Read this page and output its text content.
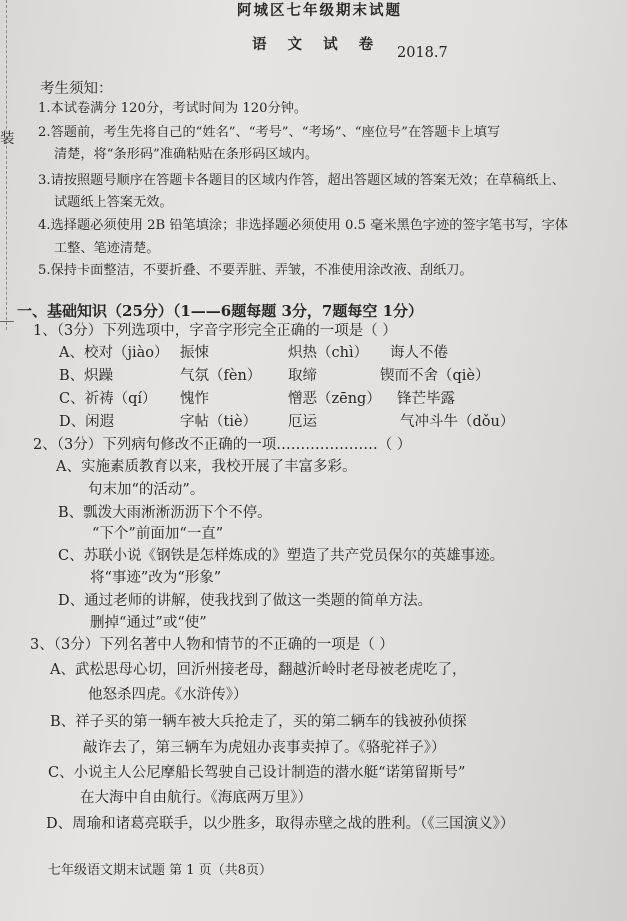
装
阿城区七年级期末试题
语 文 试 卷 2018.7
考生须知：
1.本试卷满分 120分，考试时间为 120分钟。
2.答题前，考生先将自己的“姓名”、“考号”、“考场”、“座位号”在答题卡上填写
清楚，将“条形码”准确粘贴在条形码区域内。
3.请按照题号顺序在答题卡各题目的区域内作答，超出答题区域的答案无效；在草稿纸上、
试题纸上答案无效。
4.选择题必须使用 2B 铅笔填涂；非选择题必须使用 0.5 毫米黑色字迹的签字笔书写，字体
工整、笔迹清楚。
5.保持卡面整洁，不要折叠、不要弄脏、弄皱，不准使用涂改液、刮纸刀。
一、基础知识（25分）（1——6题每题 3分，7题每空 1分）
1、（3分）下列选项中，字音字形完全正确的一项是（ ）
A、校对（jiào） 振悚	炽热（chì） 诲人不倦
B、炽躁	气氛（fèn） 取缔	锲而不舍（qiè）
C、祈祷（qí） 愧怍	憎恶（zēng） 锋芒毕露
D、闲遐	字帖（tiè） 厄运	气冲斗牛（dǒu）
2、（3分）下列病句修改不正确的一项…………………（ ）
A、实施素质教育以来，我校开展了丰富多彩。
句末加“的活动”。
B、瓢泼大雨淅淅沥沥下个不停。
“下个”前面加“一直”
C、苏联小说《钢铁是怎样炼成的》塑造了共产党员保尔的英雄事迹。
将“事迹”改为“形象”
D、通过老师的讲解，使我找到了做这一类题的简单方法。
删掉“通过”或“使”
3、（3分）下列名著中人物和情节的不正确的一项是（ ）
A、武松思母心切，回沂州接老母，翻越沂岭时老母被老虎吃了，
他怒杀四虎。《水浒传》）
B、祥子买的第一辆车被大兵抢走了，买的第二辆车的钱被孙侦探
敲诈去了，第三辆车为虎妞办丧事卖掉了。《骆驼祥子》）
C、小说主人公尼摩船长驾驶自己设计制造的潜水艇“诺第留斯号”
在大海中自由航行。《海底两万里》）
D、周瑜和诸葛亮联手，以少胜多，取得赤壁之战的胜利。（《三国演义》）
七年级语文期末试题 第 1 页（共8页）
